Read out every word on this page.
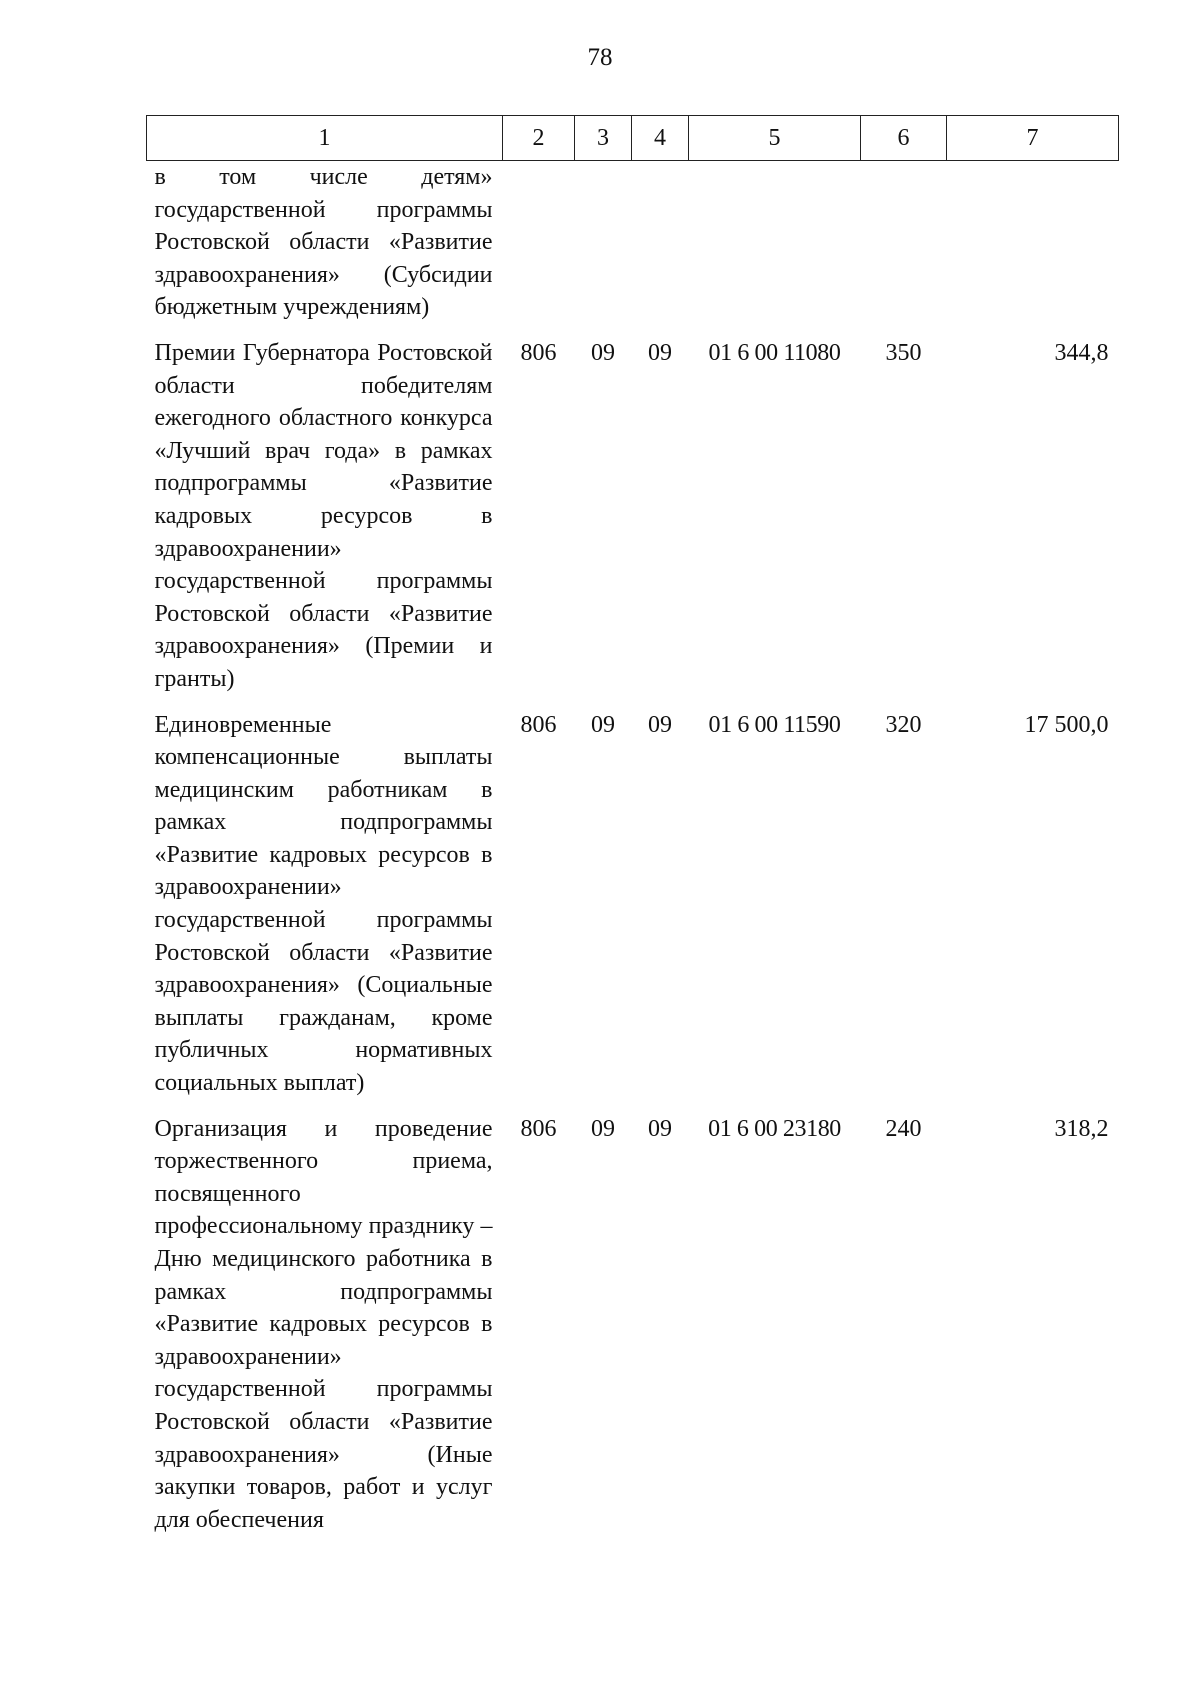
78
1	2	3	4	5	6	7
в том числе детям» государственной программы Ростовской области «Развитие здравоохранения» (Субсидии бюджетным учреждениям)						
Премии Губернатора Ростовской области победителям ежегодного областного конкурса «Лучший врач года» в рамках подпрограммы «Развитие кадровых ресурсов в здравоохранении» государственной программы Ростовской области «Развитие здравоохранения» (Премии и гранты)	806	09	09	01 6 00 11080	350	344,8
Единовременные компенсационные выплаты медицинским работникам в рамках подпрограммы «Развитие кадровых ресурсов в здравоохранении» государственной программы Ростовской области «Развитие здравоохранения» (Социальные выплаты гражданам, кроме публичных нормативных социальных выплат)	806	09	09	01 6 00 11590	320	17 500,0
Организация и проведение торжественного приема, посвященного профессиональному празднику – Дню медицинского работника в рамках подпрограммы «Развитие кадровых ресурсов в здравоохранении» государственной программы Ростовской области «Развитие здравоохранения» (Иные закупки товаров, работ и услуг для обеспечения	806	09	09	01 6 00 23180	240	318,2
